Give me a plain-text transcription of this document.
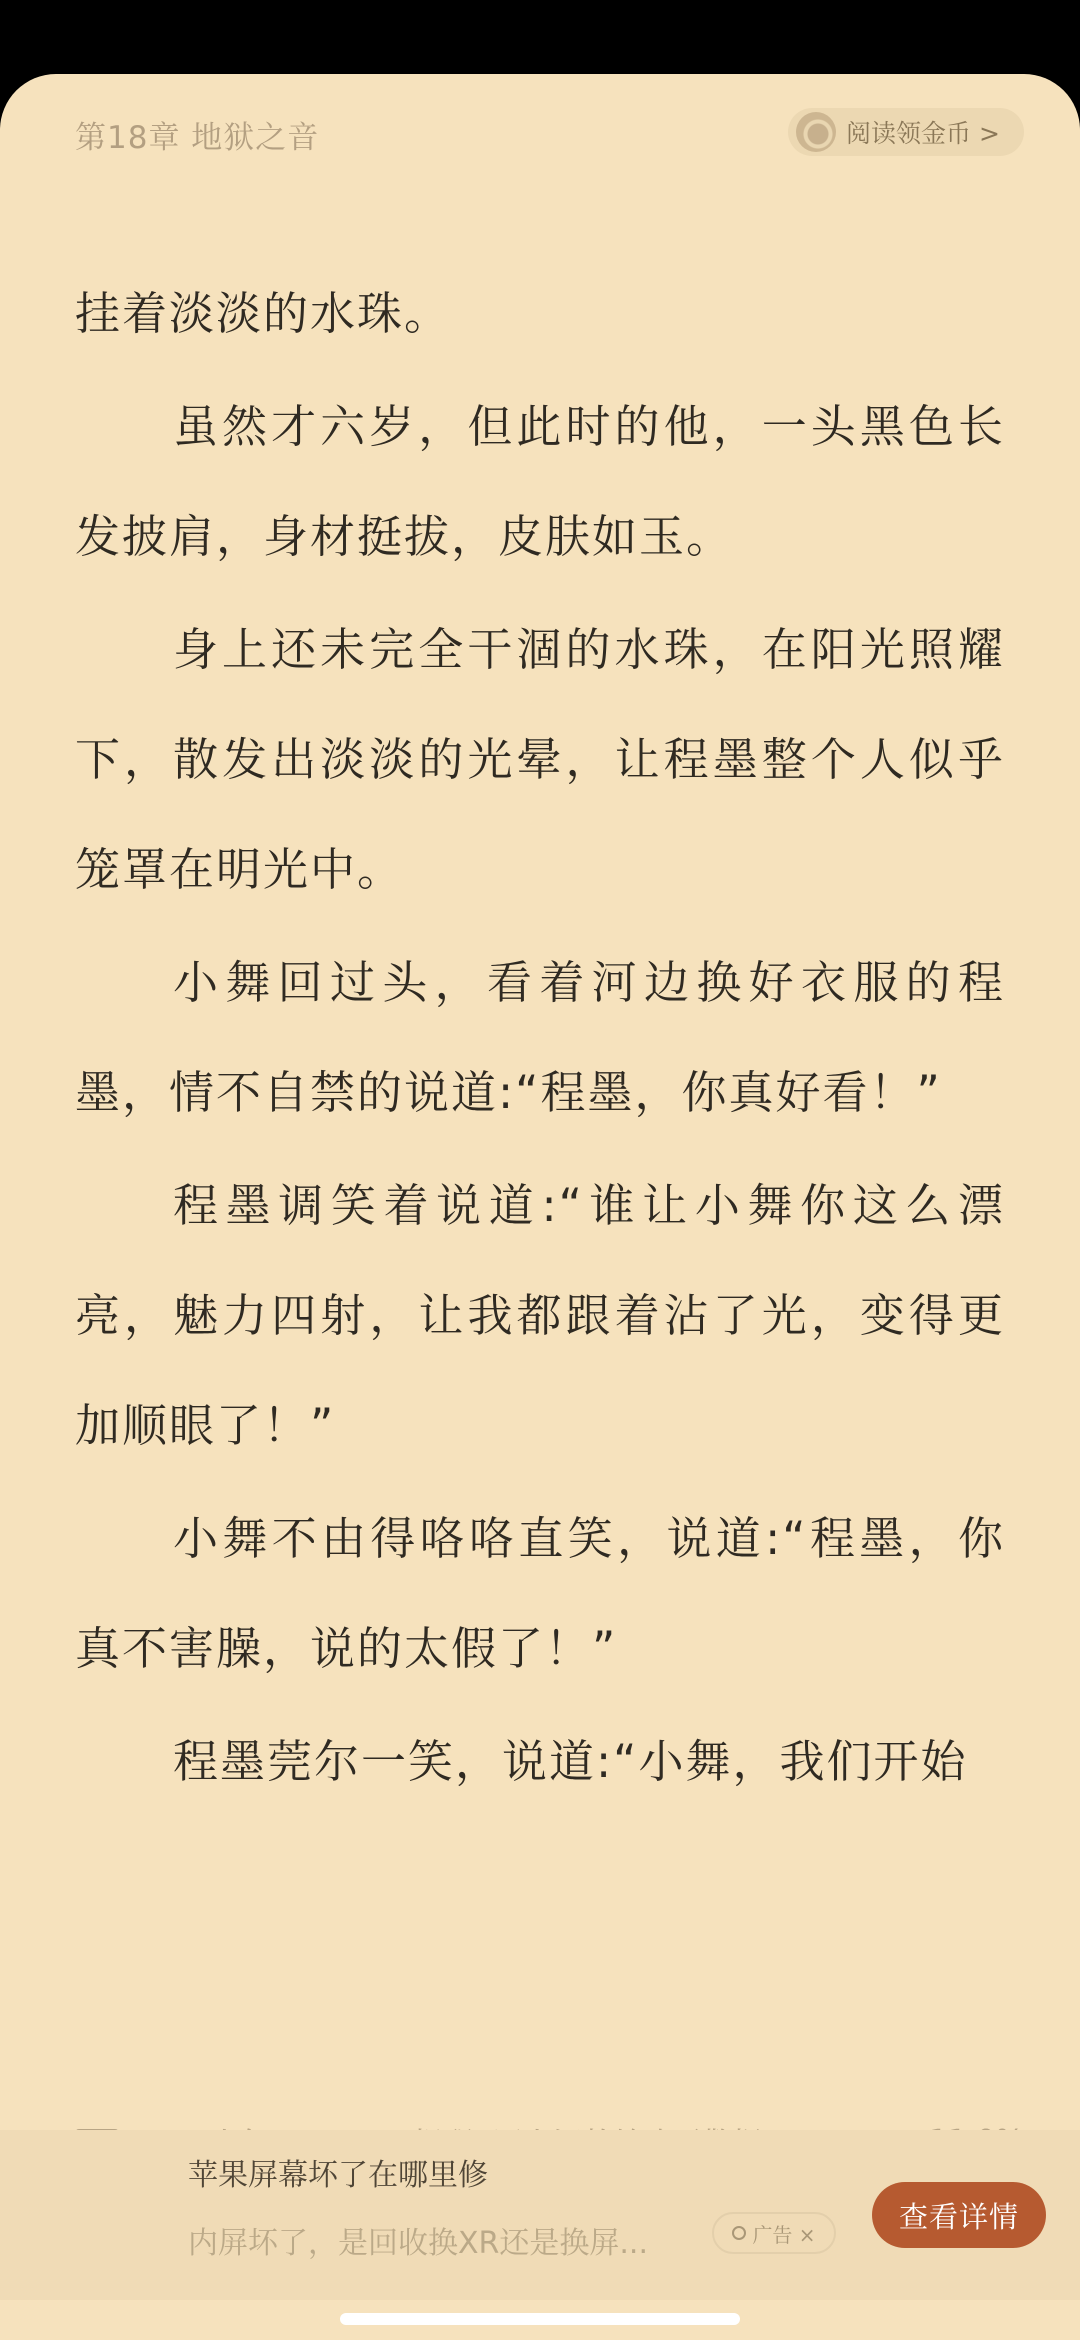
第18章 地狱之音	阅读领金币 >

挂着淡淡的水珠。

虽然才六岁，但此时的他，一头黑色长发披肩，身材挺拔，皮肤如玉。

身上还未完全干涸的水珠，在阳光照耀下，散发出淡淡的光晕，让程墨整个人似乎笼罩在明光中。

小舞回过头，看着河边换好衣服的程墨，情不自禁的说道:“程墨，你真好看！”

程墨调笑着说道:“谁让小舞你这么漂亮，魅力四射，让我都跟着沾了光，变得更加顺眼了！”

小舞不由得咯咯直笑，说道:“程墨，你真不害臊，说的太假了！”

程墨莞尔一笑，说道:“小舞，我们开始

苹果屏幕坏了在哪里修
内屏坏了，是回收换XR还是换屏...	广告 ×
查看详情
